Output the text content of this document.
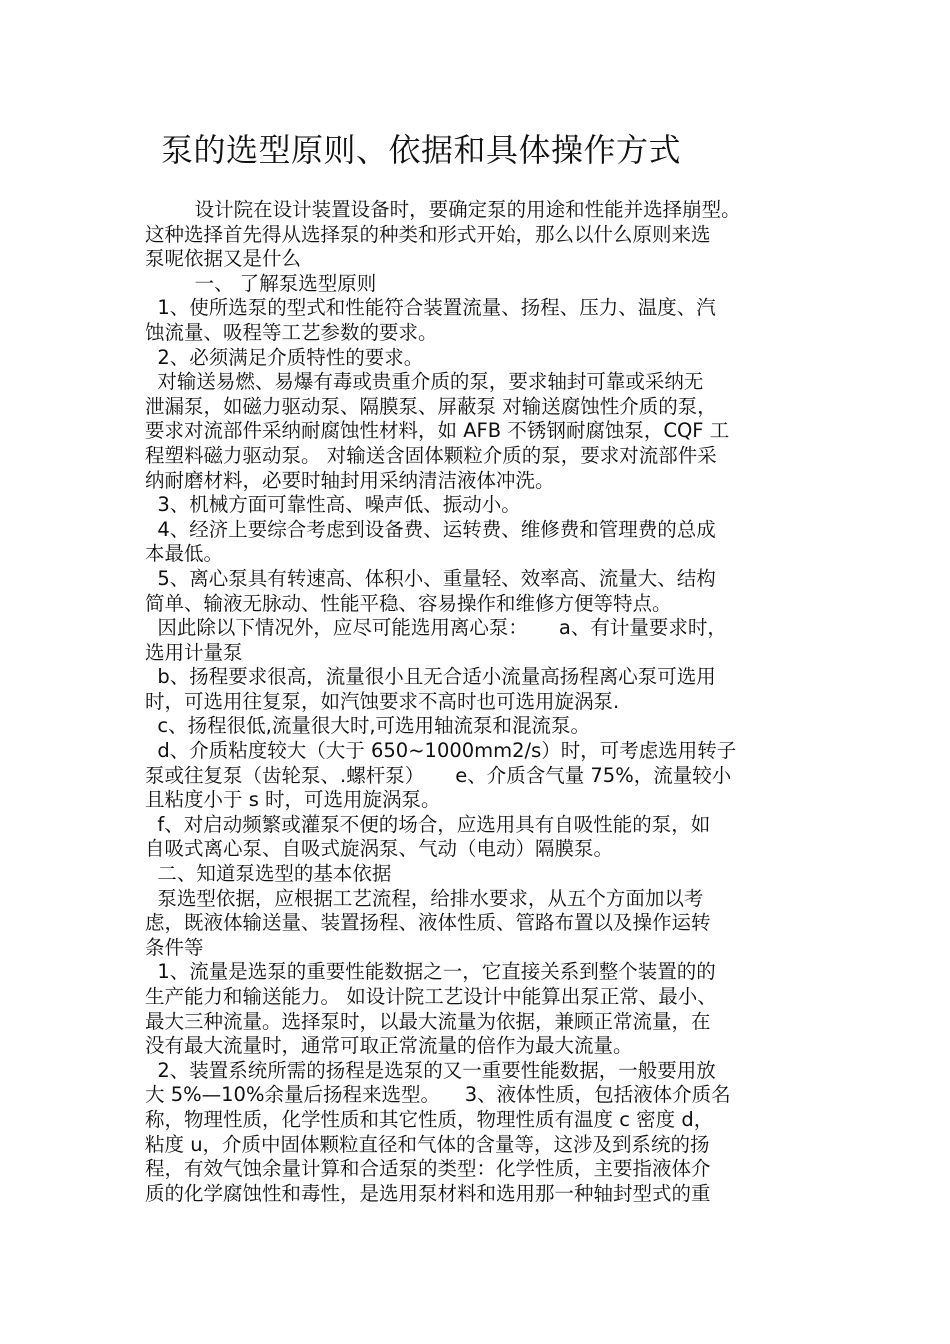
泵的选型原则、依据和具体操作方式
设计院在设计装置设备时，要确定泵的用途和性能并选择崩型。
这种选择首先得从选择泵的种类和形式开始，那么以什么原则来选
泵呢依据又是什么
一、 了解泵选型原则
1、使所选泵的型式和性能符合装置流量、扬程、压力、温度、汽
蚀流量、吸程等工艺参数的要求。
2、必须满足介质特性的要求。
对输送易燃、易爆有毒或贵重介质的泵，要求轴封可靠或采纳无
泄漏泵，如磁力驱动泵、隔膜泵、屏蔽泵 对输送腐蚀性介质的泵，
要求对流部件采纳耐腐蚀性材料，如 AFB 不锈钢耐腐蚀泵，CQF 工
程塑料磁力驱动泵。 对输送含固体颗粒介质的泵，要求对流部件采
纳耐磨材料，必要时轴封用采纳清洁液体冲洗。
3、机械方面可靠性高、噪声低、振动小。
4、经济上要综合考虑到设备费、运转费、维修费和管理费的总成
本最低。
5、离心泵具有转速高、体积小、重量轻、效率高、流量大、结构
简单、输液无脉动、性能平稳、容易操作和维修方便等特点。
因此除以下情况外，应尽可能选用离心泵：     a、有计量要求时，
选用计量泵
b、扬程要求很高，流量很小且无合适小流量高扬程离心泵可选用
时，可选用往复泵，如汽蚀要求不高时也可选用旋涡泵.
c、扬程很低,流量很大时,可选用轴流泵和混流泵。
d、介质粘度较大（大于 650~1000mm2/s）时，可考虑选用转子
泵或往复泵（齿轮泵、.螺杆泵）     e、介质含气量 75%，流量较小
且粘度小于 s 时，可选用旋涡泵。
f、对启动频繁或灌泵不便的场合，应选用具有自吸性能的泵，如
自吸式离心泵、自吸式旋涡泵、气动（电动）隔膜泵。
二、知道泵选型的基本依据
泵选型依据，应根据工艺流程，给排水要求，从五个方面加以考
虑，既液体输送量、装置扬程、液体性质、管路布置以及操作运转
条件等
1、流量是选泵的重要性能数据之一，它直接关系到整个装置的的
生产能力和输送能力。 如设计院工艺设计中能算出泵正常、最小、
最大三种流量。选择泵时，以最大流量为依据，兼顾正常流量，在
没有最大流量时，通常可取正常流量的倍作为最大流量。
2、装置系统所需的扬程是选泵的又一重要性能数据，一般要用放
大 5%—10%余量后扬程来选型。    3、液体性质，包括液体介质名
称，物理性质，化学性质和其它性质，物理性质有温度 c 密度 d，
粘度 u，介质中固体颗粒直径和气体的含量等，这涉及到系统的扬
程，有效气蚀余量计算和合适泵的类型：化学性质，主要指液体介
质的化学腐蚀性和毒性，是选用泵材料和选用那一种轴封型式的重
